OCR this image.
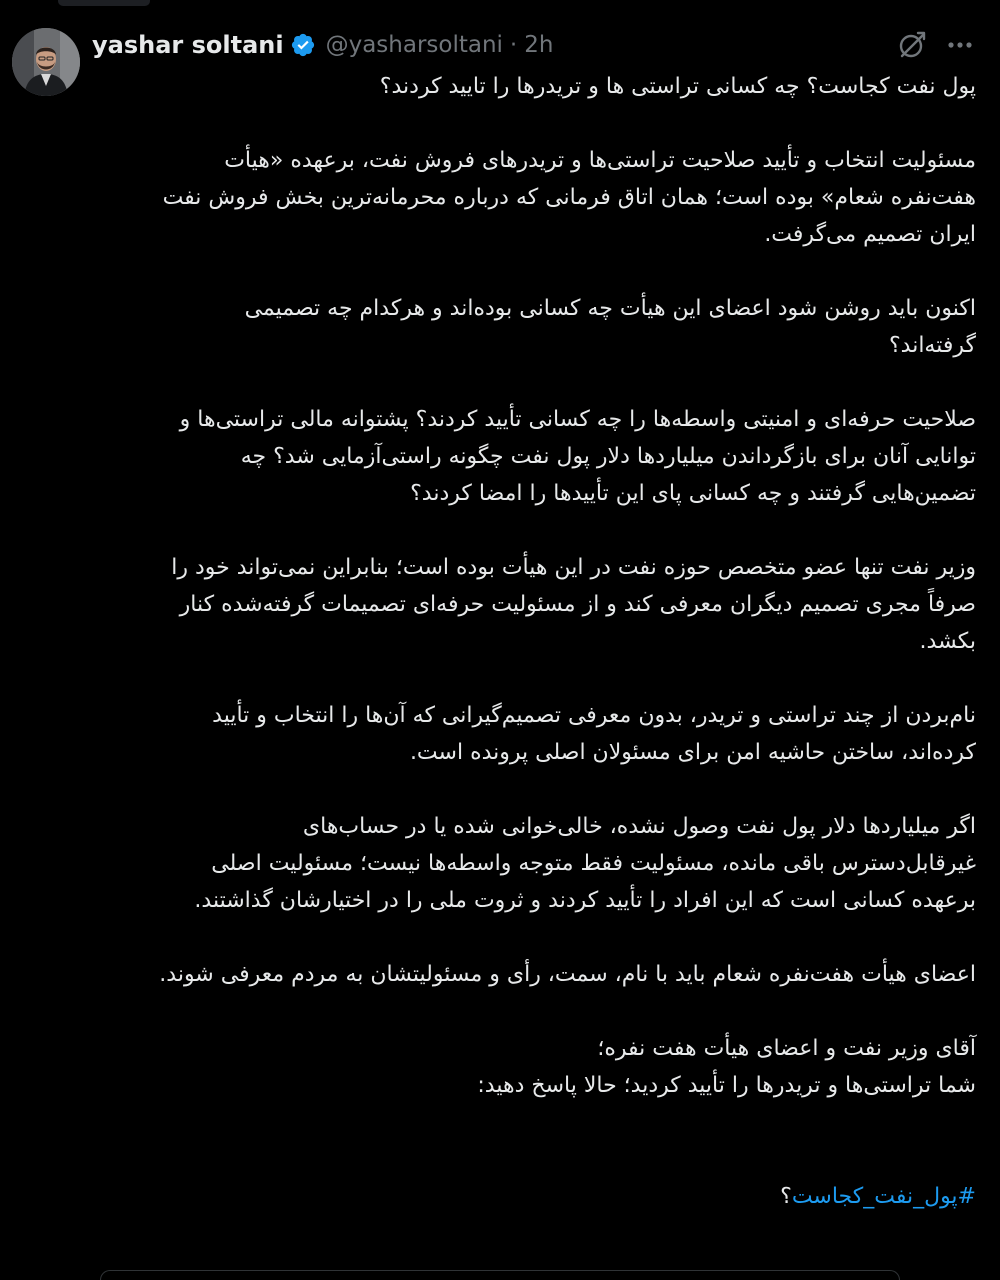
yashar soltani @yasharsoltani · 2h

پول نفت کجاست؟ چه کسانی تراستی ها و تریدرها را تایید کردند؟

مسئولیت انتخاب و تأیید صلاحیت تراستی‌ها و تریدرهای فروش نفت، برعهده «هیأت

هفت‌نفره شعام» بوده است؛ همان اتاق فرمانی که درباره محرمانه‌ترین بخش فروش نفت

ایران تصمیم می‌گرفت.

اکنون باید روشن شود اعضای این هیأت چه کسانی بوده‌اند و هرکدام چه تصمیمی

گرفته‌اند؟

صلاحیت حرفه‌ای و امنیتی واسطه‌ها را چه کسانی تأیید کردند؟ پشتوانه مالی تراستی‌ها و

توانایی آنان برای بازگرداندن میلیاردها دلار پول نفت چگونه راستی‌آزمایی شد؟ چه

تضمین‌هایی گرفتند و چه کسانی پای این تأییدها را امضا کردند؟

وزیر نفت تنها عضو متخصص حوزه نفت در این هیأت بوده است؛ بنابراین نمی‌تواند خود را

صرفاً مجری تصمیم دیگران معرفی کند و از مسئولیت حرفه‌ای تصمیمات گرفته‌شده کنار

بکشد.

نام‌بردن از چند تراستی و تریدر، بدون معرفی تصمیم‌گیرانی که آن‌ها را انتخاب و تأیید

کرده‌اند، ساختن حاشیه امن برای مسئولان اصلی پرونده است.

اگر میلیاردها دلار پول نفت وصول نشده، خالی‌خوانی شده یا در حساب‌های

غیرقابل‌دسترس باقی مانده، مسئولیت فقط متوجه واسطه‌ها نیست؛ مسئولیت اصلی

برعهده کسانی است که این افراد را تأیید کردند و ثروت ملی را در اختیارشان گذاشتند.

اعضای هیأت هفت‌نفره شعام باید با نام، سمت، رأی و مسئولیتشان به مردم معرفی شوند.

آقای وزیر نفت و اعضای هیأت هفت نفره؛

شما تراستی‌ها و تریدرها را تأیید کردید؛ حالا پاسخ دهید:

#پول_نفت_کجاست؟
